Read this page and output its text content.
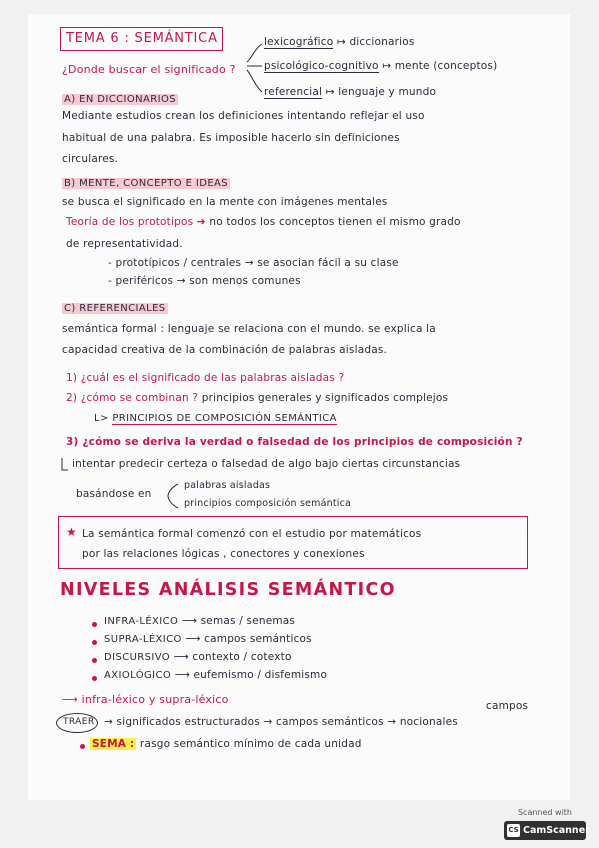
TEMA 6 : SEMÁNTICA
¿Donde buscar el significado ?
lexicográfico ↦ diccionarios
psicológico-cognitivo ↦ mente (conceptos)
referencial ↦ lenguaje y mundo
A) EN DICCIONARIOS
Mediante estudios crean los definiciones intentando reflejar el uso
habitual de una palabra. Es imposible hacerlo sin definiciones
circulares.
B) MENTE, CONCEPTO E IDEAS
se busca el significado en la mente con imágenes mentales
Teoría de los prototipos ➔ no todos los conceptos tienen el mismo grado
de representatividad.
- prototípicos / centrales → se asocian fácil a su clase
- periféricos → son menos comunes
C) REFERENCIALES
semántica formal : lenguaje se relaciona con el mundo. se explica la
capacidad creativa de la combinación de palabras aisladas.
1) ¿cuál es el significado de las palabras aisladas ?
2) ¿cómo se combinan ? principios generales y significados complejos
L> PRINCIPIOS DE COMPOSICIÓN SEMÁNTICA
3) ¿cómo se deriva la verdad o falsedad de los principios de composición ?
intentar predecir certeza o falsedad de algo bajo ciertas circunstancias
basándose en
palabras aisladas
principios composición semántica
★ La semántica formal comenzó con el estudio por matemáticos
por las relaciones lógicas , conectores y conexiones
NIVELES ANÁLISIS SEMÁNTICO
INFRA-LÉXICO ⟶ semas / senemas
SUPRA-LÉXICO ⟶ campos semánticos
DISCURSIVO ⟶ contexto / cotexto
AXIOLÓGICO ⟶ eufemismo / disfemismo
⟶ infra-léxico y supra-léxico	campos
TRAER → significados estructurados → campos semánticos → nocionales
SEMA : rasgo semántico mínimo de cada unidad
Scanned with
CS CamScanner
